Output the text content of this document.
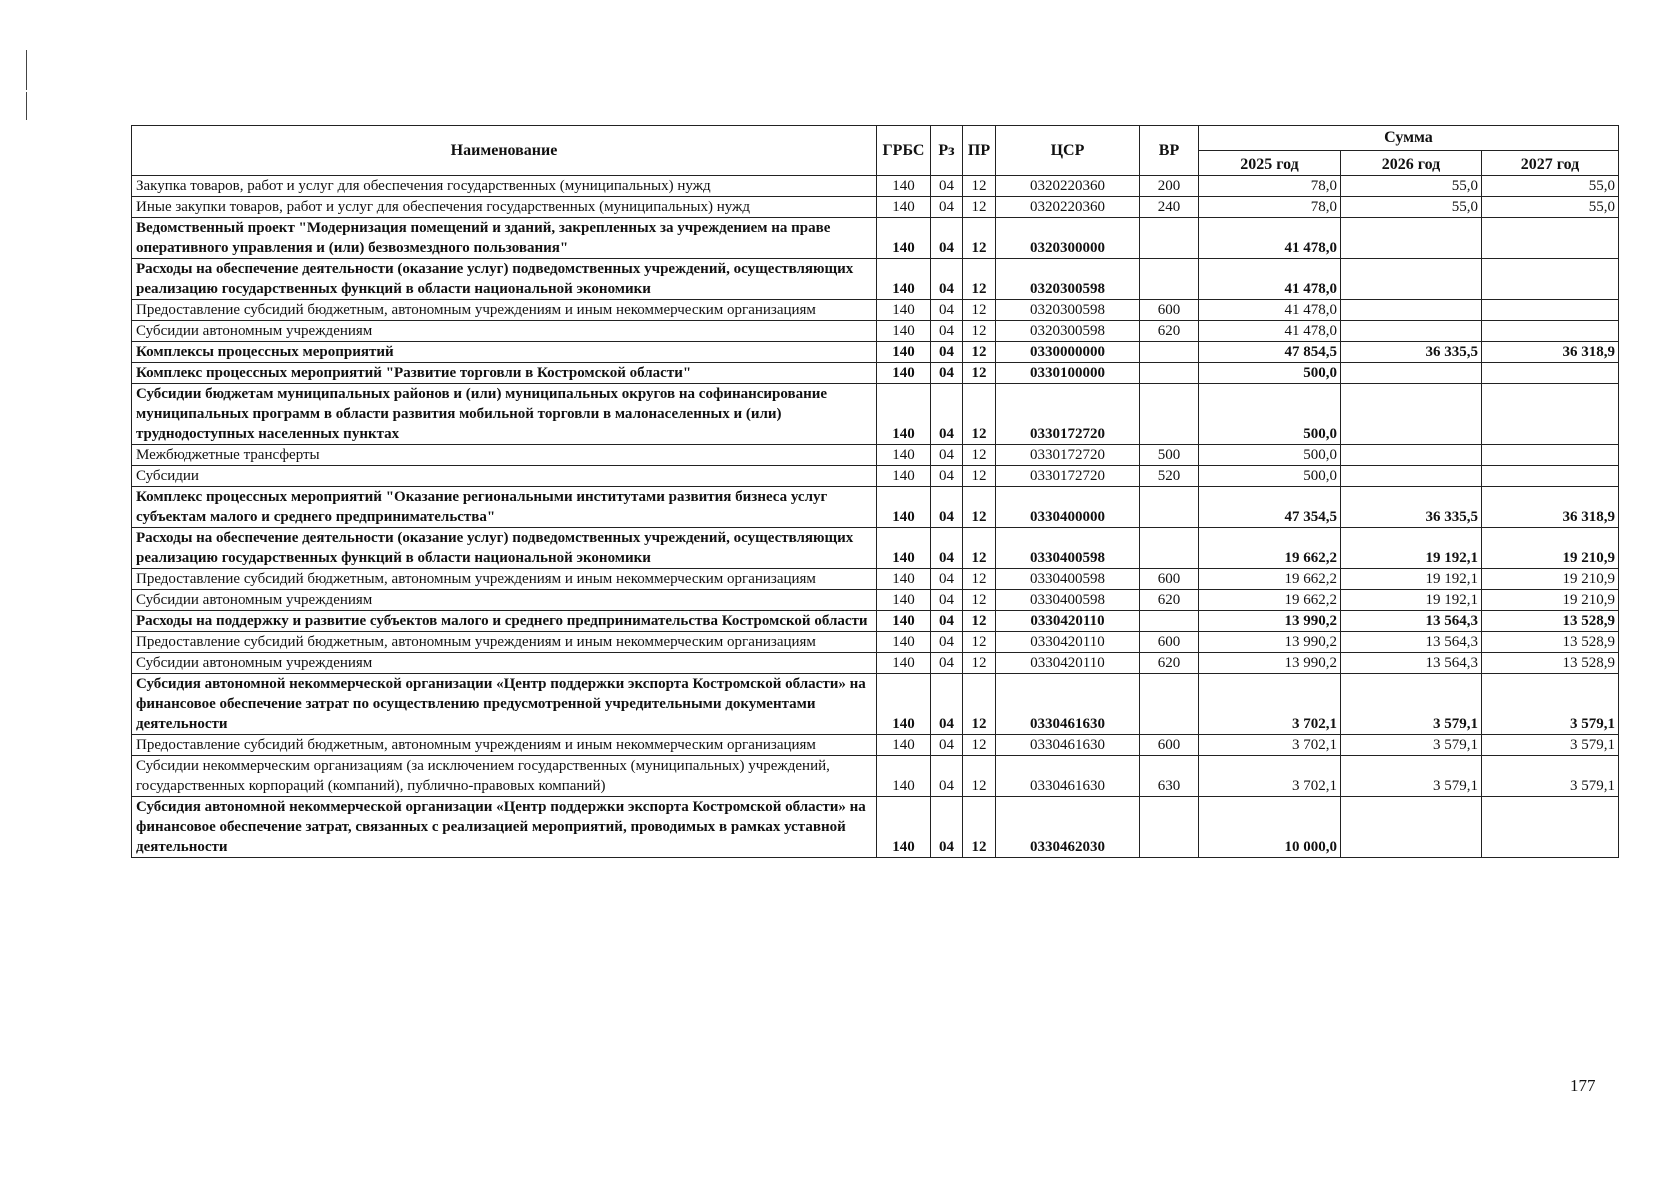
Наименование	ГРБС	Рз	ПР	ЦСР	ВР	Сумма		
						2025 год	2026 год	2027 год
Закупка товаров, работ и услуг для обеспечения государственных (муниципальных) нужд	140	04	12	0320220360	200	78,0	55,0	55,0
Иные закупки товаров, работ и услуг для обеспечения государственных (муниципальных) нужд	140	04	12	0320220360	240	78,0	55,0	55,0
Ведомственный проект "Модернизация помещений и зданий, закрепленных за учреждением на праве оперативного управления и (или) безвозмездного пользования"	140	04	12	0320300000		41 478,0		
Расходы на обеспечение деятельности (оказание услуг) подведомственных учреждений, осуществляющих реализацию государственных функций в области национальной экономики	140	04	12	0320300598		41 478,0		
Предоставление субсидий бюджетным, автономным учреждениям и иным некоммерческим организациям	140	04	12	0320300598	600	41 478,0		
Субсидии автономным учреждениям	140	04	12	0320300598	620	41 478,0		
Комплексы процессных мероприятий	140	04	12	0330000000		47 854,5	36 335,5	36 318,9
Комплекс процессных мероприятий "Развитие торговли в Костромской области"	140	04	12	0330100000		500,0		
Субсидии бюджетам муниципальных районов и (или) муниципальных округов на софинансирование муниципальных программ в области развития мобильной торговли в малонаселенных и (или) труднодоступных населенных пунктах	140	04	12	0330172720		500,0		
Межбюджетные трансферты	140	04	12	0330172720	500	500,0		
Субсидии	140	04	12	0330172720	520	500,0		
Комплекс процессных мероприятий "Оказание региональными институтами развития бизнеса услуг субъектам малого и среднего предпринимательства"	140	04	12	0330400000		47 354,5	36 335,5	36 318,9
Расходы на обеспечение деятельности (оказание услуг) подведомственных учреждений, осуществляющих реализацию государственных функций в области национальной экономики	140	04	12	0330400598		19 662,2	19 192,1	19 210,9
Предоставление субсидий бюджетным, автономным учреждениям и иным некоммерческим организациям	140	04	12	0330400598	600	19 662,2	19 192,1	19 210,9
Субсидии автономным учреждениям	140	04	12	0330400598	620	19 662,2	19 192,1	19 210,9
Расходы на поддержку и развитие субъектов малого и среднего предпринимательства Костромской области	140	04	12	0330420110		13 990,2	13 564,3	13 528,9
Предоставление субсидий бюджетным, автономным учреждениям и иным некоммерческим организациям	140	04	12	0330420110	600	13 990,2	13 564,3	13 528,9
Субсидии автономным учреждениям	140	04	12	0330420110	620	13 990,2	13 564,3	13 528,9
Субсидия автономной некоммерческой организации «Центр поддержки экспорта Костромской области» на финансовое обеспечение затрат по осуществлению предусмотренной учредительными документами деятельности	140	04	12	0330461630		3 702,1	3 579,1	3 579,1
Предоставление субсидий бюджетным, автономным учреждениям и иным некоммерческим организациям	140	04	12	0330461630	600	3 702,1	3 579,1	3 579,1
Субсидии некоммерческим организациям (за исключением государственных (муниципальных) учреждений, государственных корпораций (компаний), публично-правовых компаний)	140	04	12	0330461630	630	3 702,1	3 579,1	3 579,1
Субсидия автономной некоммерческой организации «Центр поддержки экспорта Костромской области» на финансовое обеспечение затрат, связанных с реализацией мероприятий, проводимых в рамках уставной деятельности	140	04	12	0330462030		10 000,0		
177
